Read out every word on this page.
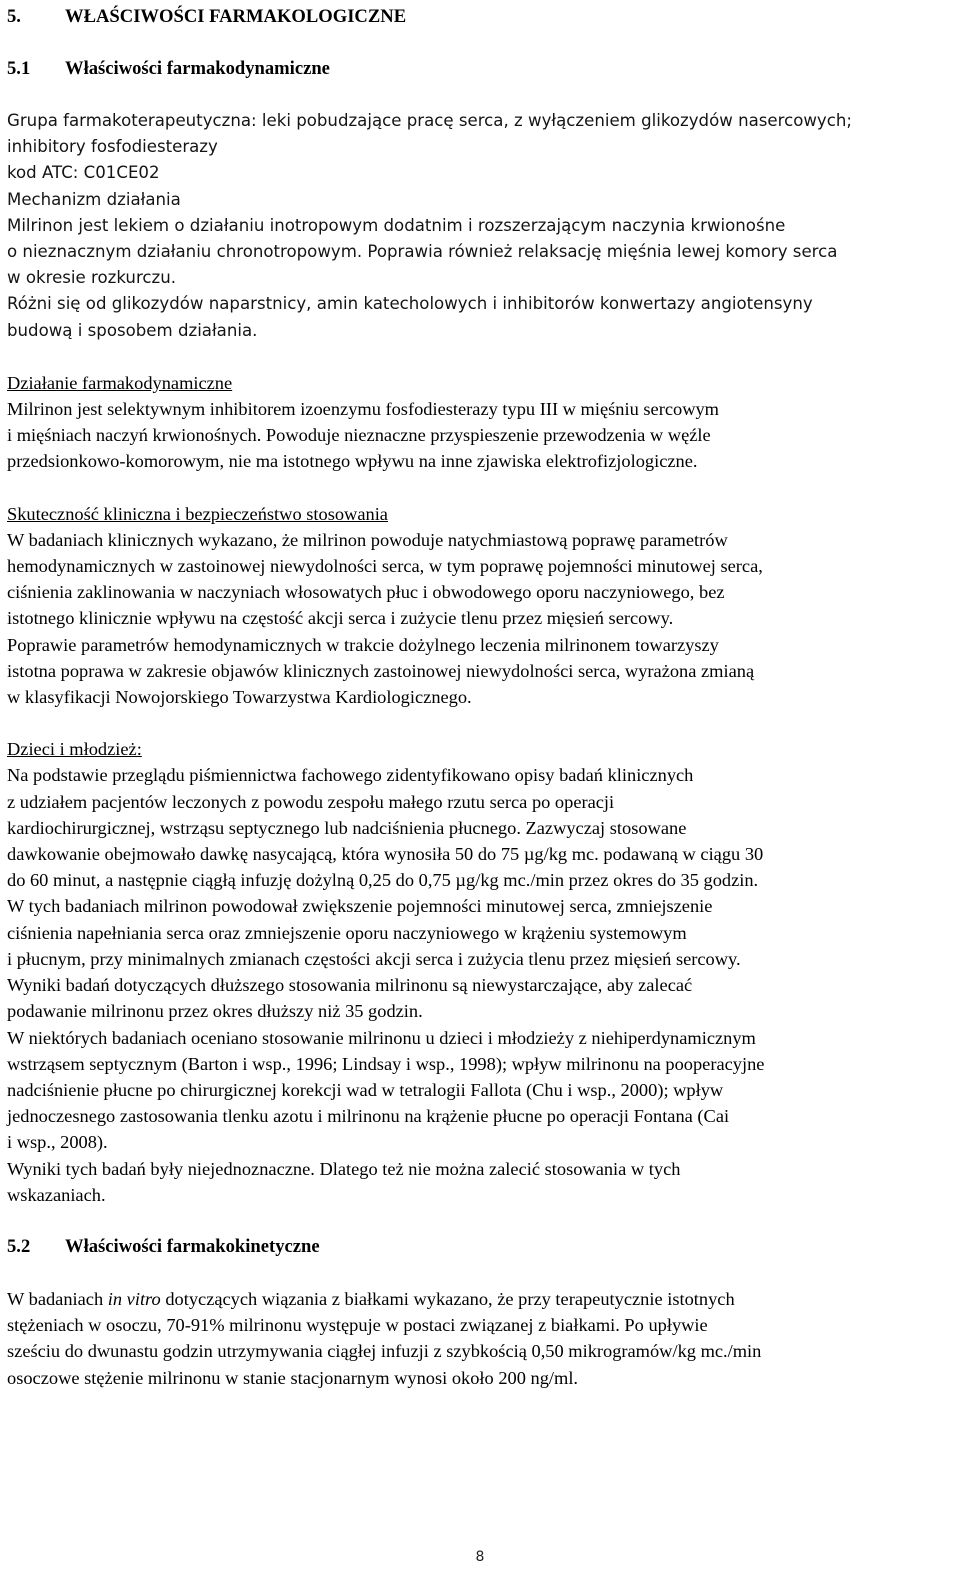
5. WŁAŚCIWOŚCI FARMAKOLOGICZNE
5.1 Właściwości farmakodynamiczne

Grupa farmakoterapeutyczna: leki pobudzające pracę serca, z wyłączeniem glikozydów nasercowych;

inhibitory fosfodiesterazy

kod ATC: C01CE02

Mechanizm działania

Milrinon jest lekiem o działaniu inotropowym dodatnim i rozszerzającym naczynia krwionośne

o nieznacznym działaniu chronotropowym. Poprawia również relaksację mięśnia lewej komory serca

w okresie rozkurczu.

Różni się od glikozydów naparstnicy, amin katecholowych i inhibitorów konwertazy angiotensyny

budową i sposobem działania.

Działanie farmakodynamiczne

Milrinon jest selektywnym inhibitorem izoenzymu fosfodiesterazy typu III w mięśniu sercowym

i mięśniach naczyń krwionośnych. Powoduje nieznaczne przyspieszenie przewodzenia w węźle

przedsionkowo-komorowym, nie ma istotnego wpływu na inne zjawiska elektrofizjologiczne.

Skuteczność kliniczna i bezpieczeństwo stosowania

W badaniach klinicznych wykazano, że milrinon powoduje natychmiastową poprawę parametrów

hemodynamicznych w zastoinowej niewydolności serca, w tym poprawę pojemności minutowej serca,

ciśnienia zaklinowania w naczyniach włosowatych płuc i obwodowego oporu naczyniowego, bez

istotnego klinicznie wpływu na częstość akcji serca i zużycie tlenu przez mięsień sercowy.

Poprawie parametrów hemodynamicznych w trakcie dożylnego leczenia milrinonem towarzyszy

istotna poprawa w zakresie objawów klinicznych zastoinowej niewydolności serca, wyrażona zmianą

w klasyfikacji Nowojorskiego Towarzystwa Kardiologicznego.

Dzieci i młodzież:

Na podstawie przeglądu piśmiennictwa fachowego zidentyfikowano opisy badań klinicznych

z udziałem pacjentów leczonych z powodu zespołu małego rzutu serca po operacji

kardiochirurgicznej, wstrząsu septycznego lub nadciśnienia płucnego. Zazwyczaj stosowane

dawkowanie obejmowało dawkę nasycającą, która wynosiła 50 do 75 µg/kg mc. podawaną w ciągu 30

do 60 minut, a następnie ciągłą infuzję dożylną 0,25 do 0,75 µg/kg mc./min przez okres do 35 godzin.

W tych badaniach milrinon powodował zwiększenie pojemności minutowej serca, zmniejszenie

ciśnienia napełniania serca oraz zmniejszenie oporu naczyniowego w krążeniu systemowym

i płucnym, przy minimalnych zmianach częstości akcji serca i zużycia tlenu przez mięsień sercowy.

Wyniki badań dotyczących dłuższego stosowania milrinonu są niewystarczające, aby zalecać

podawanie milrinonu przez okres dłuższy niż 35 godzin.

W niektórych badaniach oceniano stosowanie milrinonu u dzieci i młodzieży z niehiperdynamicznym

wstrząsem septycznym (Barton i wsp., 1996; Lindsay i wsp., 1998); wpływ milrinonu na pooperacyjne

nadciśnienie płucne po chirurgicznej korekcji wad w tetralogii Fallota (Chu i wsp., 2000); wpływ

jednoczesnego zastosowania tlenku azotu i milrinonu na krążenie płucne po operacji Fontana (Cai

i wsp., 2008).

Wyniki tych badań były niejednoznaczne. Dlatego też nie można zalecić stosowania w tych

wskazaniach.

5.2 Właściwości farmakokinetyczne

W badaniach in vitro dotyczących wiązania z białkami wykazano, że przy terapeutycznie istotnych

stężeniach w osoczu, 70-91% milrinonu występuje w postaci związanej z białkami. Po upływie

sześciu do dwunastu godzin utrzymywania ciągłej infuzji z szybkością 0,50 mikrogramów/kg mc./min

osoczowe stężenie milrinonu w stanie stacjonarnym wynosi około 200 ng/ml.

8
